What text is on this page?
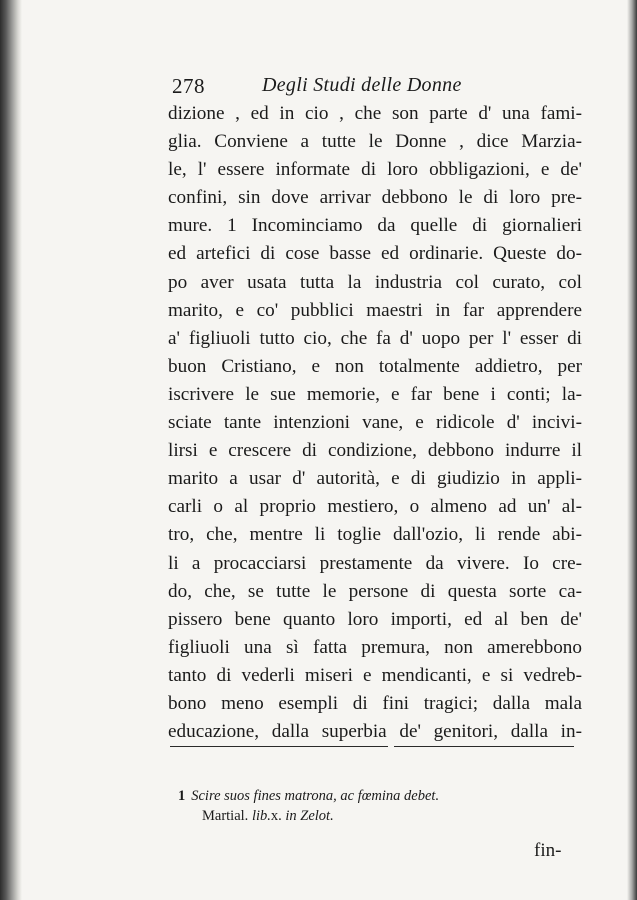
278	Degli Studi delle Donne
dizione , ed in cio , che son parte d' una fami-
glia. Conviene a tutte le Donne , dice Marzia-
le, l' essere informate di loro obbligazioni, e de'
confini, sin dove arrivar debbono le di loro pre-
mure. 1 Incominciamo da quelle di giornalieri
ed artefici di cose basse ed ordinarie. Queste do-
po aver usata tutta la industria col curato, col
marito, e co' pubblici maestri in far apprendere
a' figliuoli tutto cio, che fa d' uopo per l' esser di
buon Cristiano, e non totalmente addietro, per
iscrivere le sue memorie, e far bene i conti; la-
sciate tante intenzioni vane, e ridicole d' incivi-
lirsi e crescere di condizione, debbono indurre il
marito a usar d' autorità, e di giudizio in appli-
carli o al proprio mestiero, o almeno ad un' al-
tro, che, mentre li toglie dall'ozio, li rende abi-
li a procacciarsi prestamente da vivere. Io cre-
do, che, se tutte le persone di questa sorte ca-
pissero bene quanto loro importi, ed al ben de'
figliuoli una sì fatta premura, non amerebbono
tanto di vederli miseri e mendicanti, e si vedreb-
bono meno esempli di fini tragici; dalla mala
educazione, dalla superbia de' genitori, dalla in-
1 Scire suos fines matrona, ac fœmina debet.
Martial. lib.x. in Zelot.
fin-
